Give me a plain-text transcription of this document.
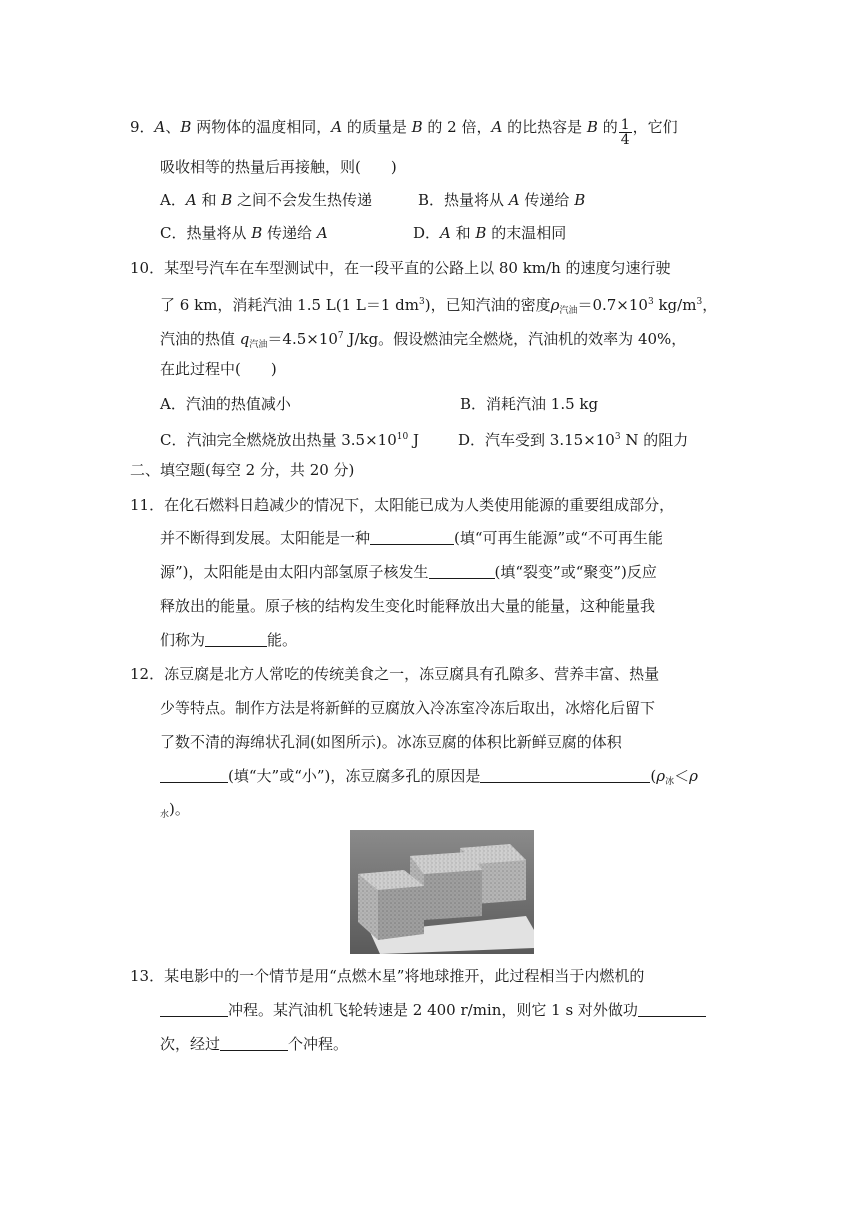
9．A、B 两物体的温度相同，A 的质量是 B 的 2 倍，A 的比热容是 B 的 $\frac{1}{4}$ ，它们
吸收相等的热量后再接触，则(　　)
A．A 和 B 之间不会发生热传递	B．热量将从 A 传递给 B
C．热量将从 B 传递给 A	D．A 和 B 的末温相同
10．某型号汽车在车型测试中，在一段平直的公路上以 80 km/h 的速度匀速行驶
了 6 km，消耗汽油 1.5 L(1 L＝1 $dm^3$)，已知汽油的密度$\rho_{汽油}=0.7\times 10^3$ $kg/m^3$，
汽油的热值 $q_{汽油}=4.5\times 10^7$ J/kg。假设燃油完全燃烧，汽油机的效率为 40%，
在此过程中(　　)
A．汽油的热值减小	B．消耗汽油 1.5 kg
C．汽油完全燃烧放出热量 $3.5\times 10^{10}$ J	D．汽车受到 $3.15\times 10^3$ N 的阻力
二、填空题(每空 2 分，共 20 分)
11．在化石燃料日趋减少的情况下，太阳能已成为人类使用能源的重要组成部分，
并不断得到发展。太阳能是一种	(填“可再生能源”或“不可再生能
源”)，太阳能是由太阳内部氢原子核发生	(填“裂变”或“聚变”)反应
释放出的能量。原子核的结构发生变化时能释放出大量的能量，这种能量我
们称为	能。
12．冻豆腐是北方人常吃的传统美食之一，冻豆腐具有孔隙多、营养丰富、热量
少等特点。制作方法是将新鲜的豆腐放入冷冻室冷冻后取出，冰熔化后留下
了数不清的海绵状孔洞(如图所示)。冰冻豆腐的体积比新鲜豆腐的体积
(填“大”或“小”)，冻豆腐多孔的原因是	($\rho_冰<\rho$
$_水$)。
13．某电影中的一个情节是用“点燃木星”将地球推开，此过程相当于内燃机的
冲程。某汽油机飞轮转速是 2 400 r/min，则它 1 s 对外做功
次，经过	个冲程。
